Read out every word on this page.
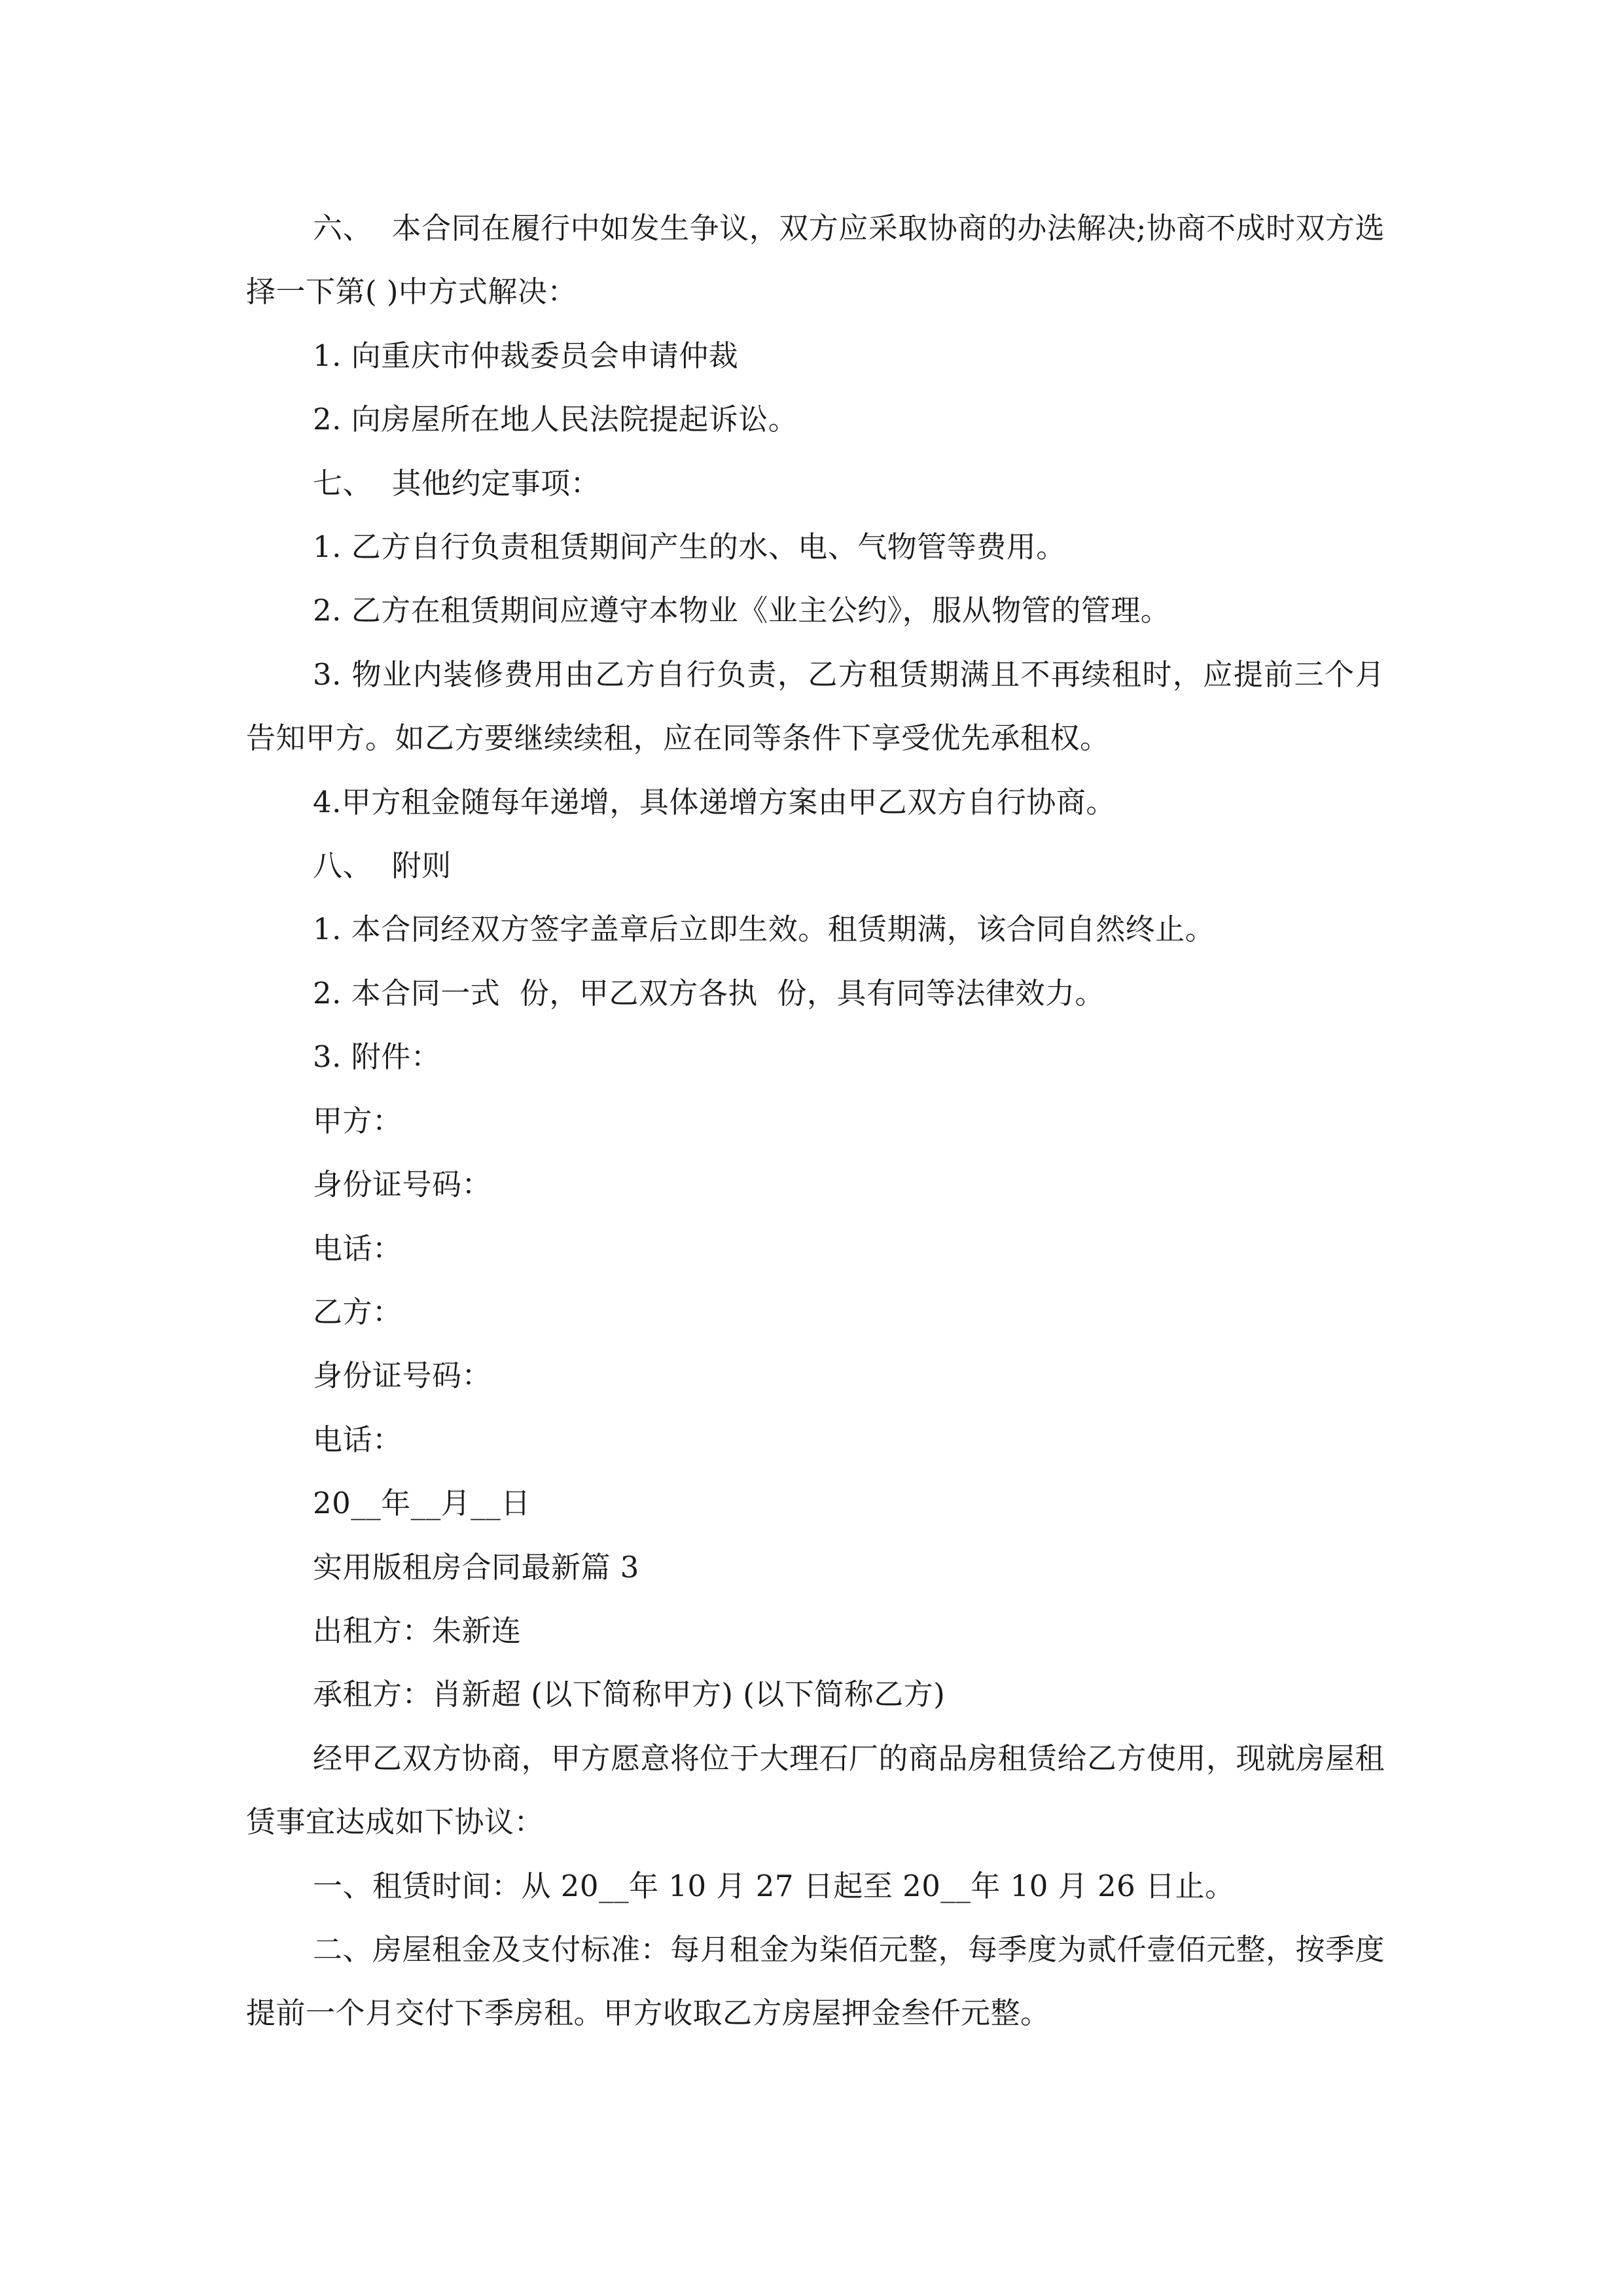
六、  本合同在履行中如发生争议，双方应采取协商的办法解决;协商不成时双方选择一下第( )中方式解决：

1. 向重庆市仲裁委员会申请仲裁

2. 向房屋所在地人民法院提起诉讼。

七、  其他约定事项：

1. 乙方自行负责租赁期间产生的水、电、气物管等费用。

2. 乙方在租赁期间应遵守本物业《业主公约》，服从物管的管理。

3. 物业内装修费用由乙方自行负责，乙方租赁期满且不再续租时，应提前三个月告知甲方。如乙方要继续续租，应在同等条件下享受优先承租权。

4.甲方租金随每年递增，具体递增方案由甲乙双方自行协商。

八、  附则

1. 本合同经双方签字盖章后立即生效。租赁期满，该合同自然终止。

2. 本合同一式  份，甲乙双方各执  份，具有同等法律效力。

3. 附件：

甲方：

身份证号码：

电话：

乙方：

身份证号码：

电话：

20__年__月__日

实用版租房合同最新篇 3

出租方：朱新连

承租方：肖新超 (以下简称甲方) (以下简称乙方)

经甲乙双方协商，甲方愿意将位于大理石厂的商品房租赁给乙方使用，现就房屋租赁事宜达成如下协议：

一、租赁时间：从 20__年 10 月 27 日起至 20__年 10 月 26 日止。

二、房屋租金及支付标准：每月租金为柒佰元整，每季度为贰仟壹佰元整，按季度提前一个月交付下季房租。甲方收取乙方房屋押金叁仟元整。
